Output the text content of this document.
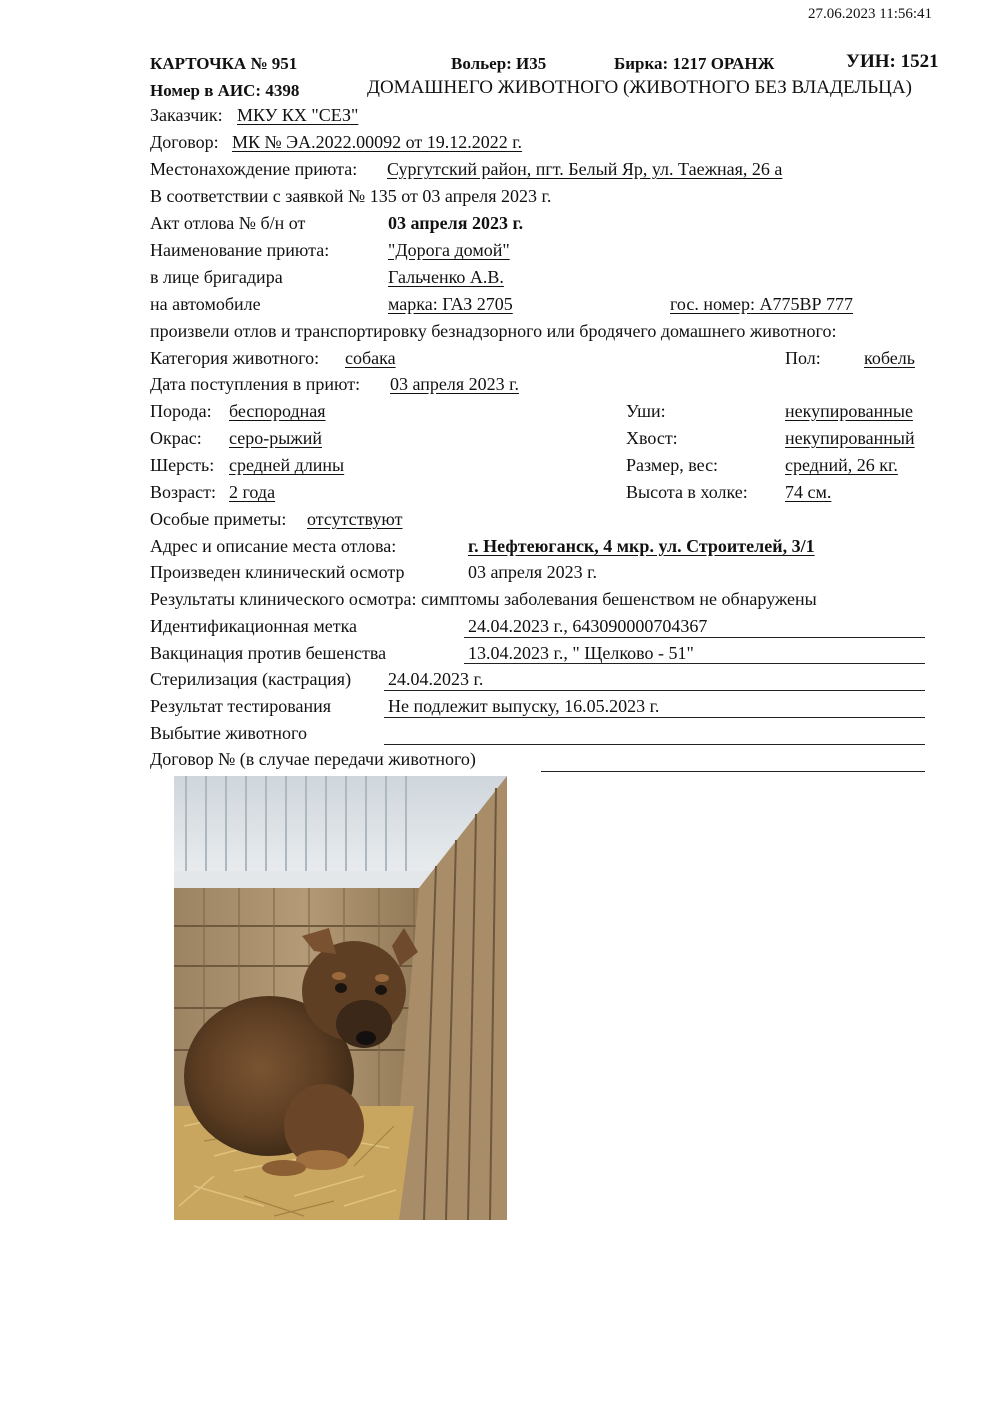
27.06.2023 11:56:41
КАРТОЧКА № 951	Вольер: И35	Бирка: 1217 ОРАНЖ	УИН: 1521
Номер в АИС: 4398	ДОМАШНЕГО ЖИВОТНОГО (ЖИВОТНОГО БЕЗ ВЛАДЕЛЬЦА)
Заказчик: МКУ КХ "СЕЗ"
Договор: МК № ЭА.2022.00092 от 19.12.2022 г.
Местонахождение приюта: Сургутский район, пгт. Белый Яр, ул. Таежная, 26 а
В соответствии с заявкой № 135 от 03 апреля 2023 г.
Акт отлова № б/н от	03 апреля 2023 г.
Наименование приюта:	"Дорога домой"
в лице бригадира	Гальченко А.В.
на автомобиле	марка: ГАЗ 2705	гос. номер: А775ВР 777
произвели отлов и транспортировку безнадзорного или бродячего домашнего животного:
Категория животного: собака	Пол: кобель
Дата поступления в приют: 03 апреля 2023 г.
Порода: беспородная	Уши:	некупированные
Окрас: серо-рыжий	Хвост:	некупированный
Шерсть: средней длины	Размер, вес:	средний, 26 кг.
Возраст: 2 года	Высота в холке: 74 см.
Особые приметы: отсутствуют
Адрес и описание места отлова:	г. Нефтеюганск, 4 мкр. ул. Строителей, 3/1
Произведен клинический осмотр	03 апреля 2023 г.
Результаты клинического осмотра: симптомы заболевания бешенством не обнаружены
Идентификационная метка	24.04.2023 г., 643090000704367
Вакцинация против бешенства	13.04.2023 г., " Щелково - 51"
Стерилизация (кастрация) 24.04.2023 г.
Результат тестирования	Не подлежит выпуску, 16.05.2023 г.
Выбытие животного
Договор № (в случае передачи животного)
